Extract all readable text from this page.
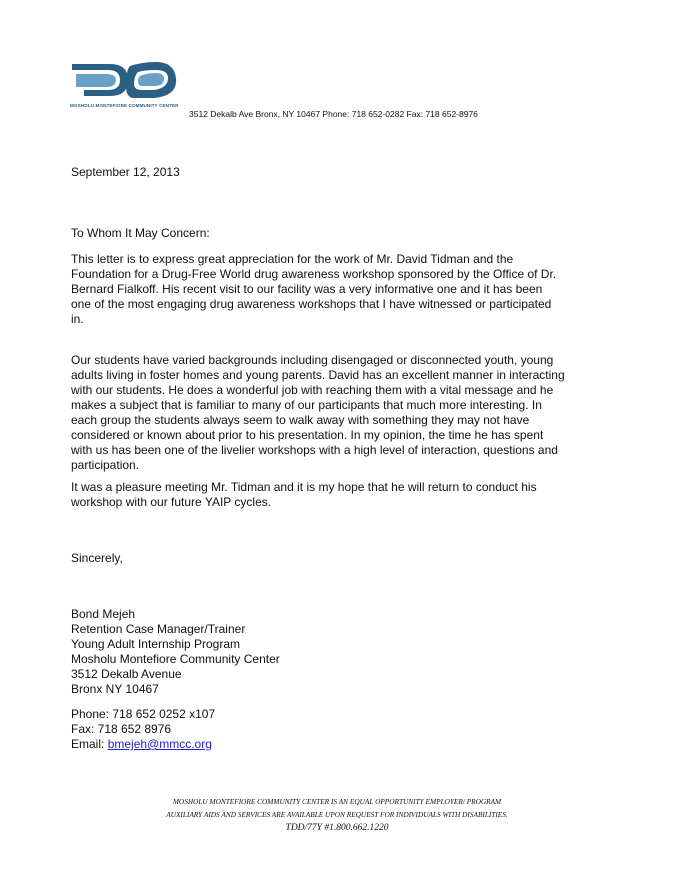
MOSHOLU MONTEFIORE COMMUNITY CENTER
3512 Dekalb Ave Bronx, NY 10467 Phone: 718 652-0282 Fax: 718 652-8976
September 12, 2013
To Whom It May Concern:
This letter is to express great appreciation for the work of Mr. David Tidman and the
Foundation for a Drug-Free World drug awareness workshop sponsored by the Office of Dr.
Bernard Fialkoff. His recent visit to our facility was a very informative one and it has been
one of the most engaging drug awareness workshops that I have witnessed or participated
in.
Our students have varied backgrounds including disengaged or disconnected youth, young
adults living in foster homes and young parents. David has an excellent manner in interacting
with our students. He does a wonderful job with reaching them with a vital message and he
makes a subject that is familiar to many of our participants that much more interesting. In
each group the students always seem to walk away with something they may not have
considered or known about prior to his presentation. In my opinion, the time he has spent
with us has been one of the livelier workshops with a high level of interaction, questions and
participation.
It was a pleasure meeting Mr. Tidman and it is my hope that he will return to conduct his
workshop with our future YAIP cycles.
Sincerely,
Bond Mejeh
Retention Case Manager/Trainer
Young Adult Internship Program
Mosholu Montefiore Community Center
3512 Dekalb Avenue
Bronx NY 10467
Phone: 718 652 0252 x107
Fax: 718 652 8976
Email: bmejeh@mmcc.org
MOSHOLU MONTEFIORE COMMUNITY CENTER IS AN EQUAL OPPORTUNITY EMPLOYER/ PROGRAM
AUXILIARY AIDS AND SERVICES ARE AVAILABLE UPON REQUEST FOR INDIVIDUALS WITH DISABILITIES.
TDD/77Y #1.800.662.1220
